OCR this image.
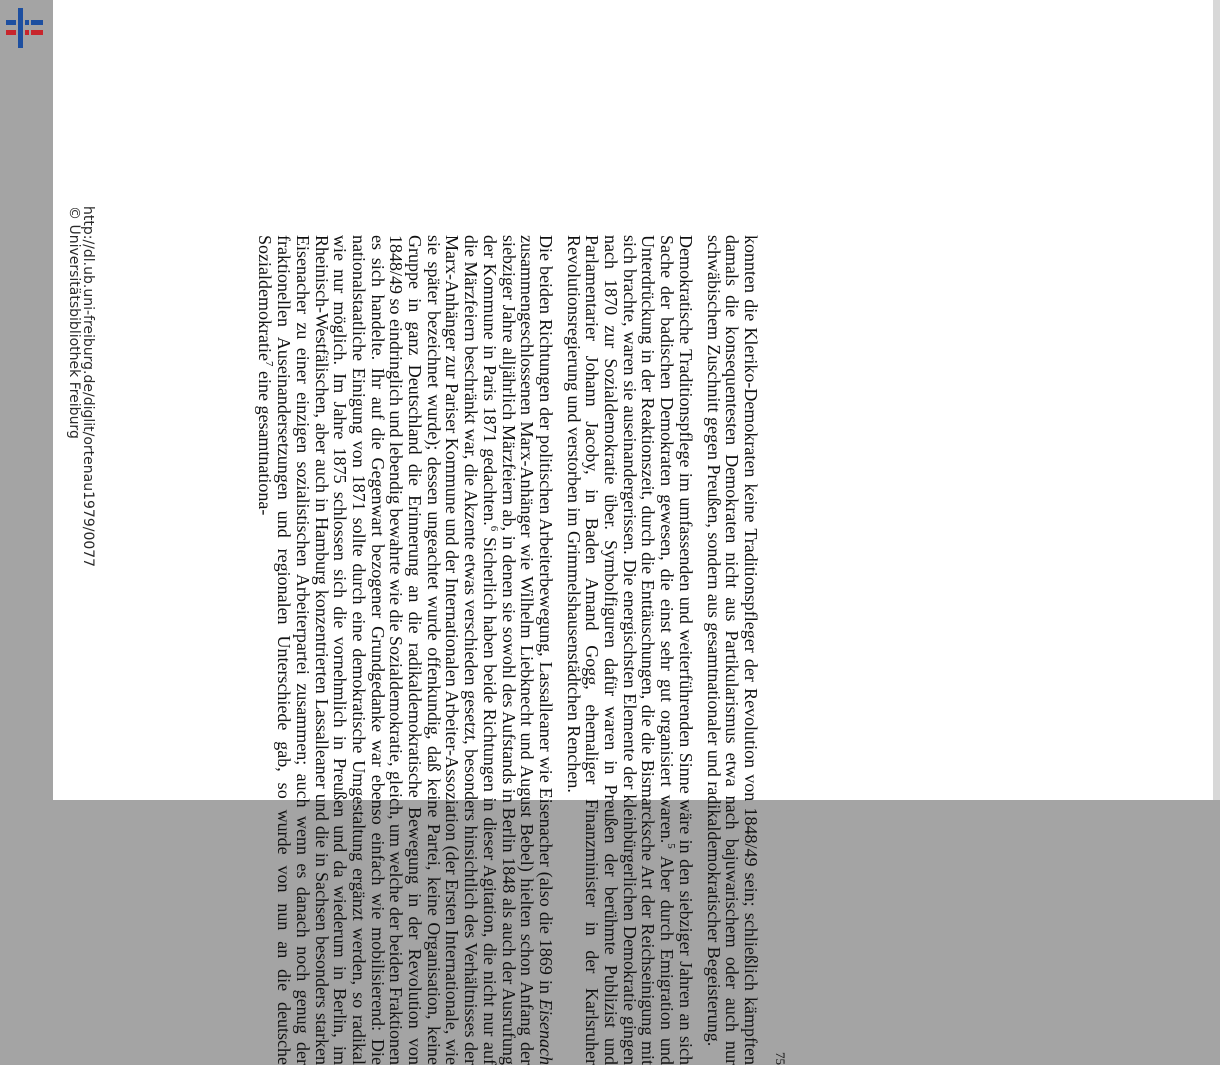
http://dl.ub.uni-freiburg.de/diglit/ortenau1979/0077
© Universitätsbibliothek Freiburg
75

konnten die Klerikо-Demokraten keine Traditionspfleger der Revolution von 1848/49 sein; schließlich kämpften damals die konsequentesten Demokraten nicht aus Partikularismus etwa nach bajuwarischem oder auch nur schwäbischem Zuschnitt gegen Preußen, sondern aus gesamtnationaler und radikaldemokratischer Begeisterung.

Demokratische Traditionspflege im umfassenden und weiterführenden Sinne wäre in den siebziger Jahren an sich Sache der badischen Demokraten gewesen, die einst sehr gut organisiert waren.$^5$ Aber durch Emigration und Unterdrückung in der Reaktionszeit, durch die Enttäuschungen, die die Bismarcksche Art der Reichseinigung mit sich brachte, waren sie auseinandergerissen. Die energischsten Elemente der kleinbürgerlichen Demokratie gingen nach 1870 zur Sozialdemokratie über. Symbolfiguren dafür waren in Preußen der berühmte Publizist und Parlamentarier Johann Jacoby, in Baden Amand Gogg, ehemaliger Finanzminister in der Karlsruher Revolutionsregierung und verstorben im Grimmelshausenstädtchen Renchen.

Die beiden Richtungen der politischen Arbeiterbewegung, Lassalleaner wie Eisenacher (also die 1869 in Eisenach zusammengeschlossenen Marx-Anhänger wie Wilhelm Liebknecht und August Bebel) hielten schon Anfang der siebziger Jahre alljährlich Märzfeiern ab, in denen sie sowohl des Aufstands in Berlin 1848 als auch der Ausrufung der Kommune in Paris 1871 gedachten.$^6$ Sicherlich haben beide Richtungen in dieser Agitation, die nicht nur auf die Märzfeiern beschränkt war, die Akzente etwas verschieden gesetzt, besonders hinsichtlich des Verhältnisses der Marx-Anhänger zur Pariser Kommune und der Internationalen Arbeiter-Assoziation (der Ersten Internationale, wie sie später bezeichnet wurde); dessen ungeachtet wurde offenkundig, daß keine Partei, keine Organisation, keine Gruppe in ganz Deutschland die Erinnerung an die radikaldemokratische Bewegung in der Revolution von 1848/49 so eindringlich und lebendig bewahrte wie die Sozialdemokratie, gleich, um welche der beiden Fraktionen es sich handelte. Ihr auf die Gegenwart bezogener Grundgedanke war ebenso einfach wie mobilisierend: Die nationalstaatliche Einigung von 1871 sollte durch eine demokratische Umgestaltung ergänzt werden, so radikal wie nur möglich. Im Jahre 1875 schlossen sich die vornehmlich in Preußen und da wiederum in Berlin, im Rheinisch-Westfälischen, aber auch in Hamburg konzentrierten Lassalleaner und die in Sachsen besonders starken Eisenacher zu einer einzigen sozialistischen Arbeiterpartei zusammen; auch wenn es danach noch genug der fraktionellen Auseinandersetzungen und regionalen Unterschiede gab, so wurde von nun an die deutsche Sozialdemokratie$^7$ eine gesamtnationa-
